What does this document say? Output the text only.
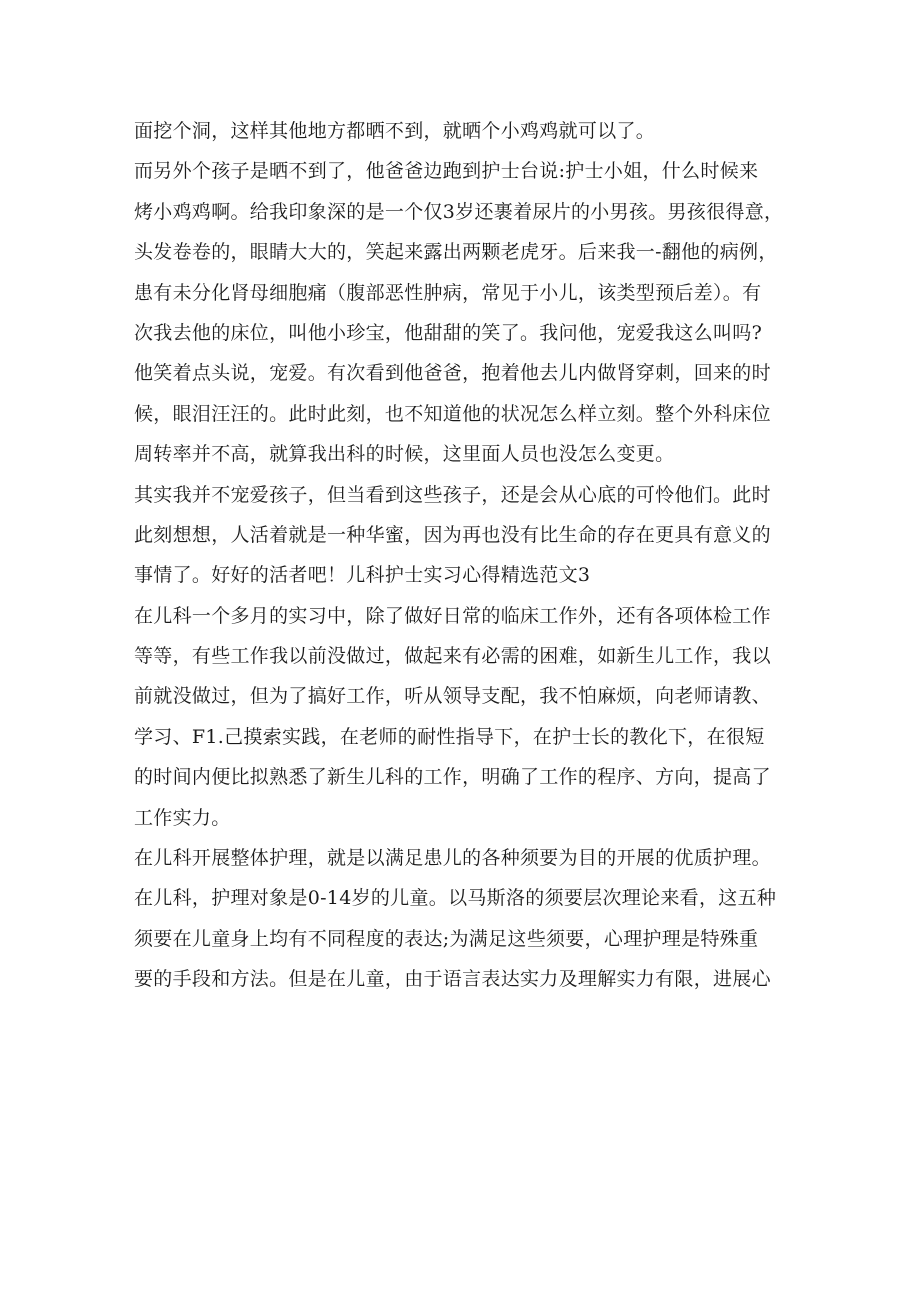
面挖个洞，这样其他地方都晒不到，就晒个小鸡鸡就可以了。
而另外个孩子是晒不到了，他爸爸边跑到护士台说:护士小姐，什么时候来
烤小鸡鸡啊。给我印象深的是一个仅3岁还裹着尿片的小男孩。男孩很得意，
头发卷卷的，眼睛大大的，笑起来露出两颗老虎牙。后来我一-翻他的病例，
患有未分化肾母细胞痛（腹部恶性肿病，常见于小儿，该类型预后差）。有
次我去他的床位，叫他小珍宝，他甜甜的笑了。我问他，宠爱我这么叫吗?
他笑着点头说，宠爱。有次看到他爸爸，抱着他去儿内做肾穿刺，回来的时
候，眼泪汪汪的。此时此刻，也不知道他的状况怎么样立刻。整个外科床位
周转率并不高，就算我出科的时候，这里面人员也没怎么变更。
其实我并不宠爱孩子，但当看到这些孩子，还是会从心底的可怜他们。此时
此刻想想，人活着就是一种华蜜，因为再也没有比生命的存在更具有意义的
事情了。好好的活者吧！儿科护士实习心得精选范文3
在儿科一个多月的实习中，除了做好日常的临床工作外，还有各项体检工作
等等，有些工作我以前没做过，做起来有必需的困难，如新生儿工作，我以
前就没做过，但为了搞好工作，听从领导支配，我不怕麻烦，向老师请教、
学习、F1.己摸索实践，在老师的耐性指导下，在护士长的教化下，在很短
的时间内便比拟熟悉了新生儿科的工作，明确了工作的程序、方向，提高了
工作实力。
在儿科开展整体护理，就是以满足患儿的各种须要为目的开展的优质护理。
在儿科，护理对象是0-14岁的儿童。以马斯洛的须要层次理论来看，这五种
须要在儿童身上均有不同程度的表达;为满足这些须要，心理护理是特殊重
要的手段和方法。但是在儿童，由于语言表达实力及理解实力有限，进展心
